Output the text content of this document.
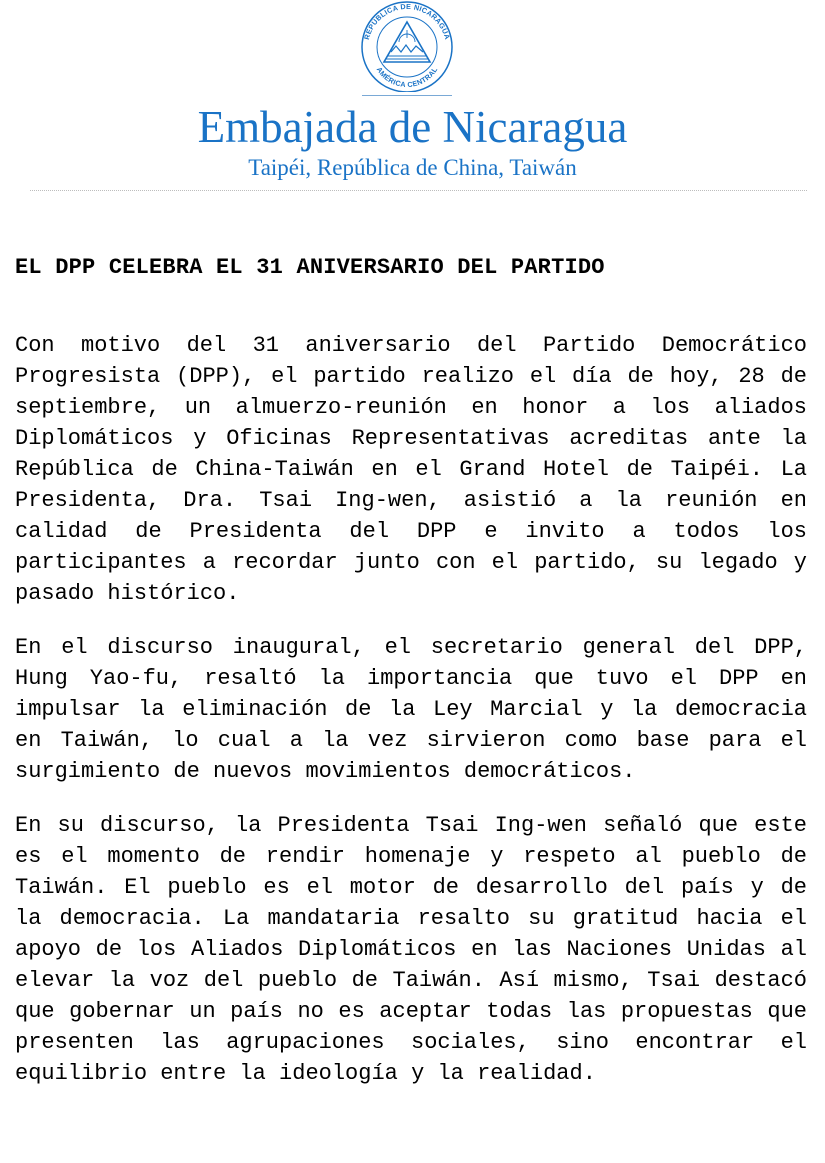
REPÚBLICA DE NICARAGUA
AMÉRICA CENTRAL
Embajada de Nicaragua
Taipéi, República de China, Taiwán
EL DPP CELEBRA EL 31 ANIVERSARIO DEL PARTIDO

Con motivo del 31 aniversario del Partido Democrático Progresista (DPP), el partido realizo el día de hoy, 28 de septiembre, un almuerzo-reunión en honor a los aliados Diplomáticos y Oficinas Representativas acreditas ante la República de China-Taiwán en el Grand Hotel de Taipéi. La Presidenta, Dra. Tsai Ing-wen, asistió a la reunión en calidad de Presidenta del DPP e invito a todos los participantes a recordar junto con el partido, su legado y pasado histórico.

En el discurso inaugural, el secretario general del DPP, Hung Yao-fu, resaltó la importancia que tuvo el DPP en impulsar la eliminación de la Ley Marcial y la democracia en Taiwán, lo cual a la vez sirvieron como base para el surgimiento de nuevos movimientos democráticos.

En su discurso, la Presidenta Tsai Ing-wen señaló que este es el momento de rendir homenaje y respeto al pueblo de Taiwán. El pueblo es el motor de desarrollo del país y de la democracia. La mandataria resalto su gratitud hacia el apoyo de los Aliados Diplomáticos en las Naciones Unidas al elevar la voz del pueblo de Taiwán. Así mismo, Tsai destacó que gobernar un país no es aceptar todas las propuestas que presenten las agrupaciones sociales, sino encontrar el equilibrio entre la ideología y la realidad.
